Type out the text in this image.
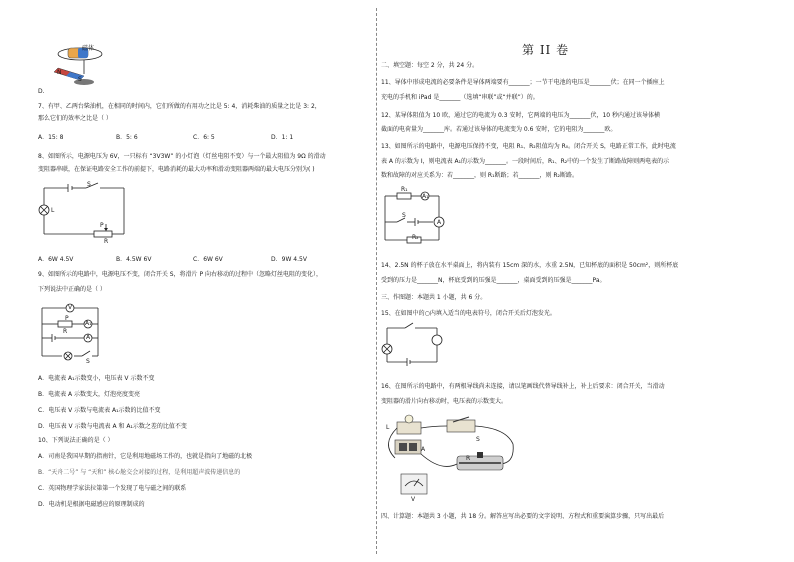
磁体
N
S
D.
7、有甲、乙两台柴油机，在相同的时间内，它们所做的有用功之比是 5: 4，消耗柴油的质量之比是 3: 2，
那么它们的效率之比是（ ）
A．15: 8	B．5: 6	C．6: 5	D．1: 1
8、如图所示，电源电压为 6V，一只标有 “3V3W” 的小灯泡（灯丝电阻不变）与一个最大阻值为 9Ω 的滑动
变阻器串联，在保证电路安全工作的前提下，电路消耗的最大功率和滑动变阻器两端的最大电压分别为( )
S
L
P
R
A．6W 4.5V	B．4.5W 6V	C．6W 6V	D．9W 4.5V
9、如图所示的电路中，电源电压不变，闭合开关 S，将滑片 P 向右移动的过程中（忽略灯丝电阻的变化），
下列说法中正确的是（ ）
V
P
R
A₁
A
S
A．电流表 A₁示数变小，电压表 V 示数不变
B．电流表 A 示数变大，灯泡亮度变亮
C．电压表 V 示数与电流表 A₁示数的比值不变
D．电压表 V 示数与电流表 A 和 A₁示数之差的比值不变
10、下列说法正确的是（ ）
A．司南是我国早期的指南针，它是利用地磁场工作的，也就是指向了地磁的北极
B．“天舟二号” 与 “天和” 核心舱交会对接的过程，是利用超声波传递信息的
C．英国物理学家法拉第第一个发现了电与磁之间的联系
D．电动机是根据电磁感应的原理制成的
第 II 卷
二、填空题：每空 2 分，共 24 分。
11、导体中形成电流的必要条件是导体两端要有_______；一节干电池的电压是_______伏；在同一个插座上
充电的手机和 iPad 是_______（选填“串联”或“并联”）的。
12、某导体阻值为 10 欧，通过它的电流为 0.3 安时，它两端的电压为_______伏，10 秒内通过该导体横
截面的电荷量为_______库。若通过该导体的电流变为 0.6 安时，它的电阻为_______欧。
13、如图所示的电路中，电源电压保持不变，电阻 R₁、R₂阻值均为 R₀。闭合开关 S，电路正常工作，此时电流
表 A 的示数为 I，则电流表 A₁的示数为_______。一段时间后，R₁、R₂中的一个发生了断路故障则两电表的示
数和故障的对应关系为：若_______，则 R₁断路；若_______，则 R₂断路。
R₁
A₁
A
S
R₂
14、2.5N 的杯子放在水平桌面上，将内装有 15cm 深的水，水重 2.5N，已知杯底的面积是 50cm²，则所杯底
受到的压力是_______N，杯底受到的压强是_______，桌面受到的压强是_______Pa。
三、作图题：本题共 1 小题，共 6 分。
15、在如图中的○内填入适当的电表符号，闭合开关后灯泡发光。
16、在图所示的电路中，有两根导线尚未连接，请以笔画线代替导线补上，补上后要求：闭合开关，当滑动
变阻器的滑片向右移动时，电压表的示数变大。
L
S
R
A
V
四、计算题：本题共 3 小题，共 18 分。解答应写出必要的文字说明、方程式和重要演算步骤，只写出最后
